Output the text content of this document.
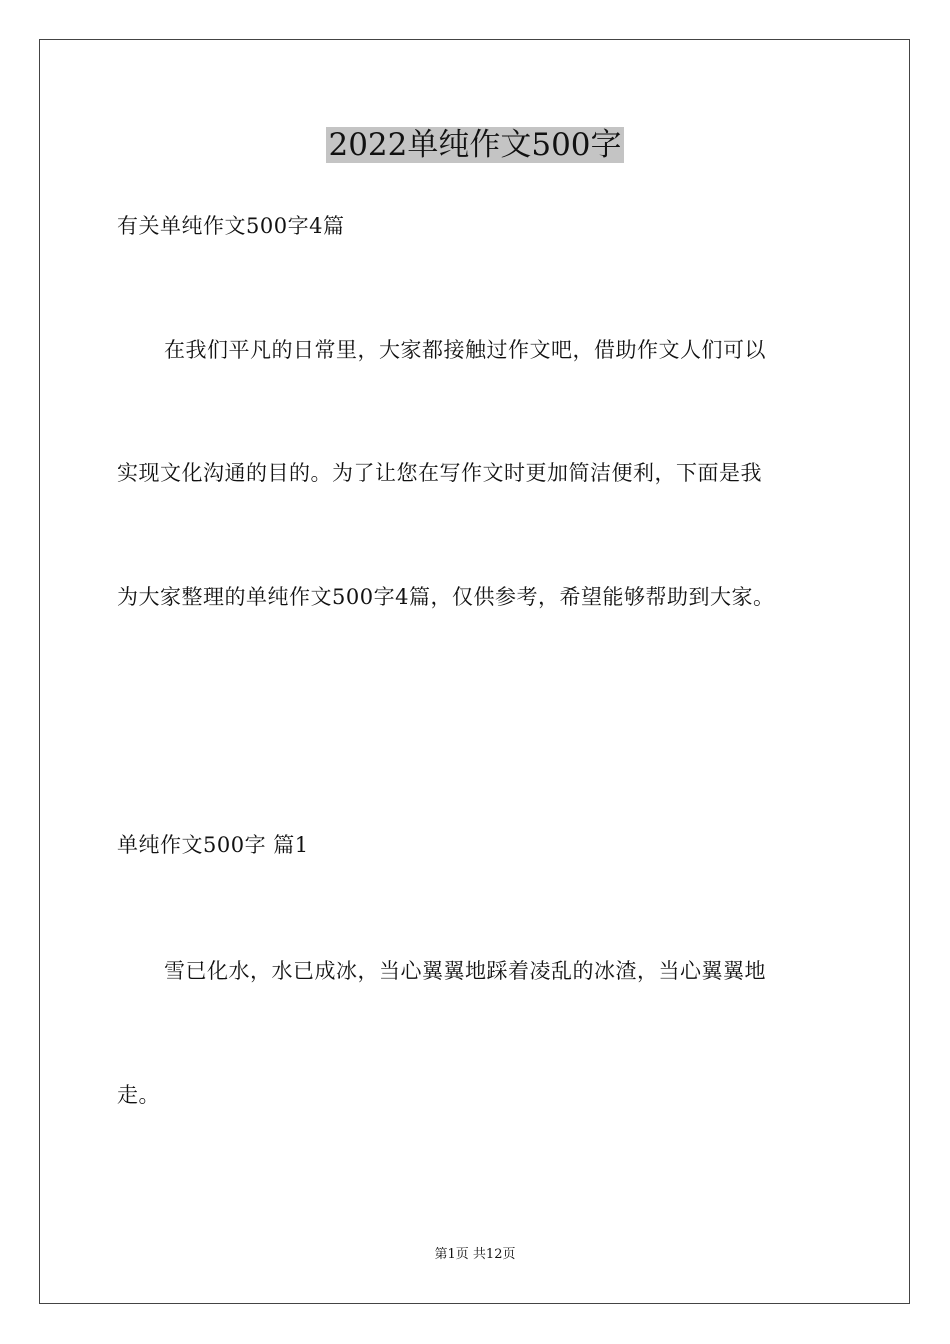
2022单纯作文500字
有关单纯作文500字4篇
在我们平凡的日常里，大家都接触过作文吧，借助作文人们可以
实现文化沟通的目的。为了让您在写作文时更加简洁便利，下面是我
为大家整理的单纯作文500字4篇，仅供参考，希望能够帮助到大家。
单纯作文500字 篇1
雪已化水，水已成冰，当心翼翼地踩着凌乱的冰渣，当心翼翼地
走。
第1页 共12页
